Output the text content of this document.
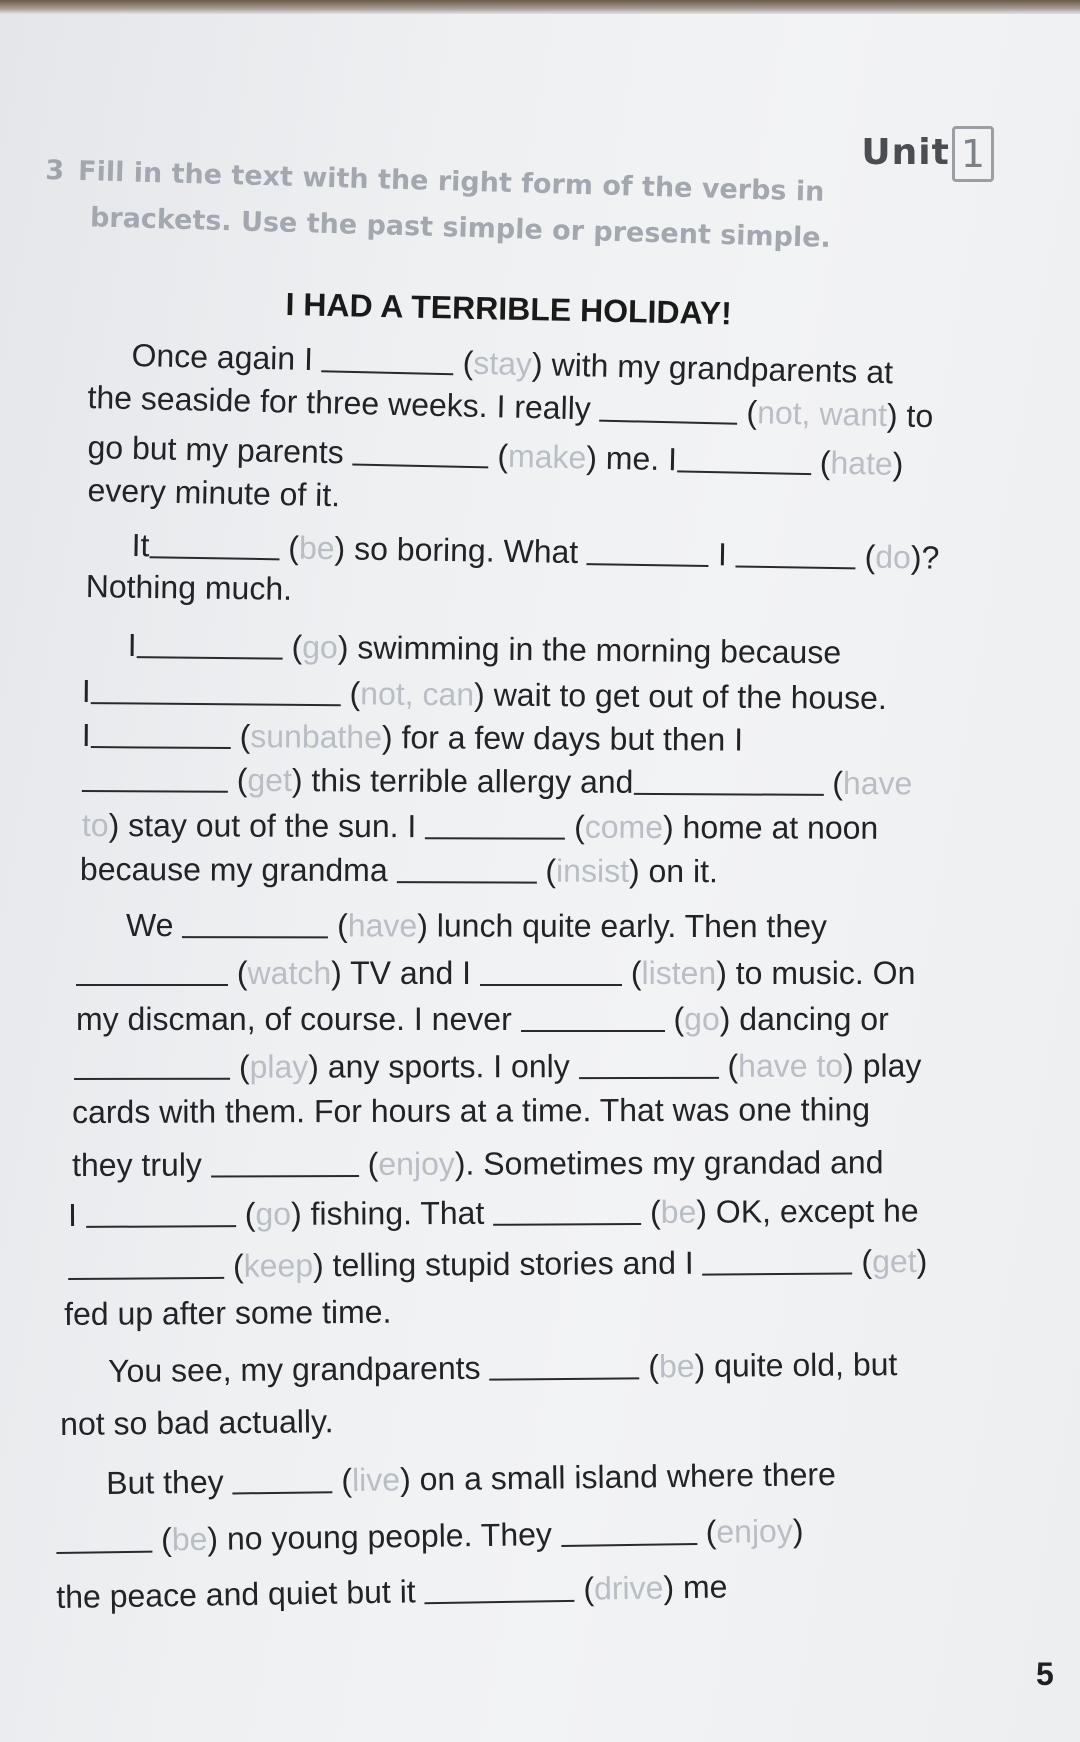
Unit 1
3 Fill in the text with the right form of the verbs in
brackets. Use the past simple or present simple.
I HAD A TERRIBLE HOLIDAY!
Once again I	(stay) with my grandparents at
the seaside for three weeks. I really	(not, want) to
go but my parents	(make) me. I	(hate)
every minute of it.
It	(be) so boring. What	I	(do)?
Nothing much.
I	(go) swimming in the morning because
I	(not, can) wait to get out of the house.
I	(sunbathe) for a few days but then I
(get) this terrible allergy and	(have
to) stay out of the sun. I	(come) home at noon
because my grandma	(insist) on it.
We	(have) lunch quite early. Then they
(watch) TV and I	(listen) to music. On
my discman, of course. I never	(go) dancing or
(play) any sports. I only	(have to) play
cards with them. For hours at a time. That was one thing
they truly	(enjoy). Sometimes my grandad and
I	(go) fishing. That	(be) OK, except he
(keep) telling stupid stories and I	(get)
fed up after some time.
You see, my grandparents	(be) quite old, but
not so bad actually.
But they	(live) on a small island where there
(be) no young people. They	(enjoy)
the peace and quiet but it	(drive) me
5
